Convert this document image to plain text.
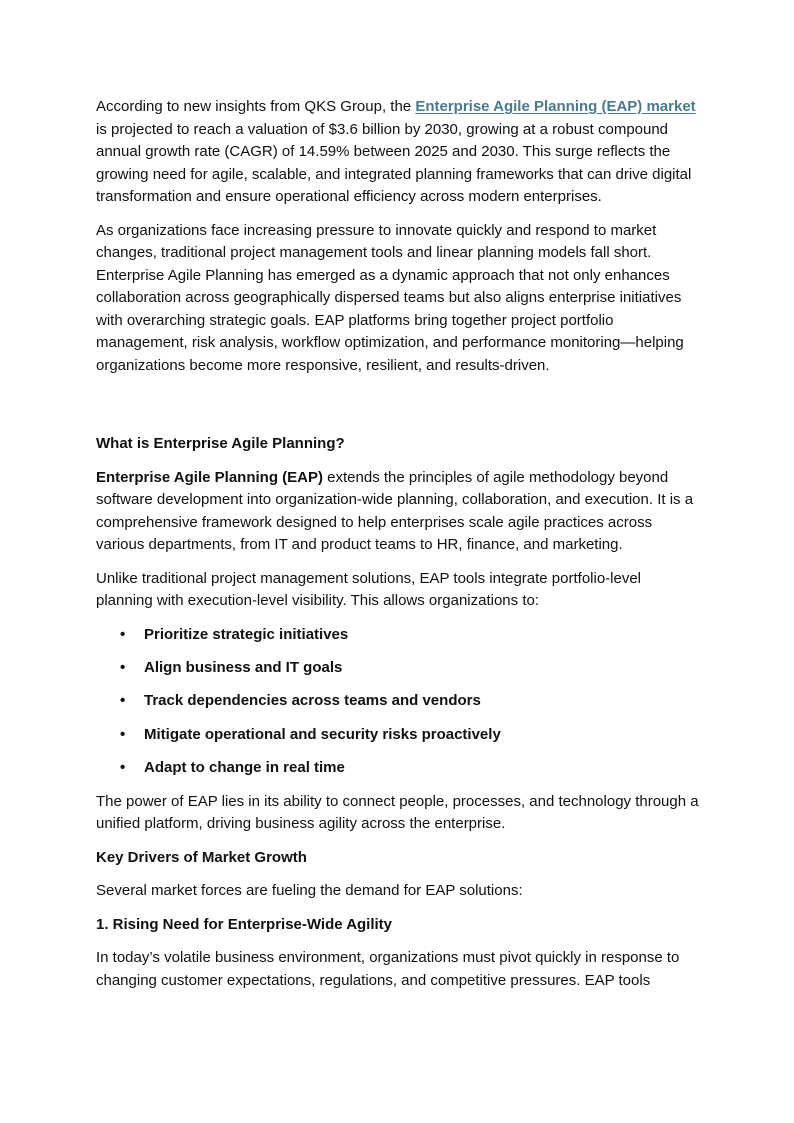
According to new insights from QKS Group, the Enterprise Agile Planning (EAP) market is projected to reach a valuation of $3.6 billion by 2030, growing at a robust compound annual growth rate (CAGR) of 14.59% between 2025 and 2030. This surge reflects the growing need for agile, scalable, and integrated planning frameworks that can drive digital transformation and ensure operational efficiency across modern enterprises.

As organizations face increasing pressure to innovate quickly and respond to market changes, traditional project management tools and linear planning models fall short. Enterprise Agile Planning has emerged as a dynamic approach that not only enhances collaboration across geographically dispersed teams but also aligns enterprise initiatives with overarching strategic goals. EAP platforms bring together project portfolio management, risk analysis, workflow optimization, and performance monitoring—helping organizations become more responsive, resilient, and results-driven.

What is Enterprise Agile Planning?

Enterprise Agile Planning (EAP) extends the principles of agile methodology beyond software development into organization-wide planning, collaboration, and execution. It is a comprehensive framework designed to help enterprises scale agile practices across various departments, from IT and product teams to HR, finance, and marketing.

Unlike traditional project management solutions, EAP tools integrate portfolio-level planning with execution-level visibility. This allows organizations to:

• Prioritize strategic initiatives
• Align business and IT goals
• Track dependencies across teams and vendors
• Mitigate operational and security risks proactively
• Adapt to change in real time

The power of EAP lies in its ability to connect people, processes, and technology through a unified platform, driving business agility across the enterprise.

Key Drivers of Market Growth

Several market forces are fueling the demand for EAP solutions:

1. Rising Need for Enterprise-Wide Agility

In today’s volatile business environment, organizations must pivot quickly in response to changing customer expectations, regulations, and competitive pressures. EAP tools
